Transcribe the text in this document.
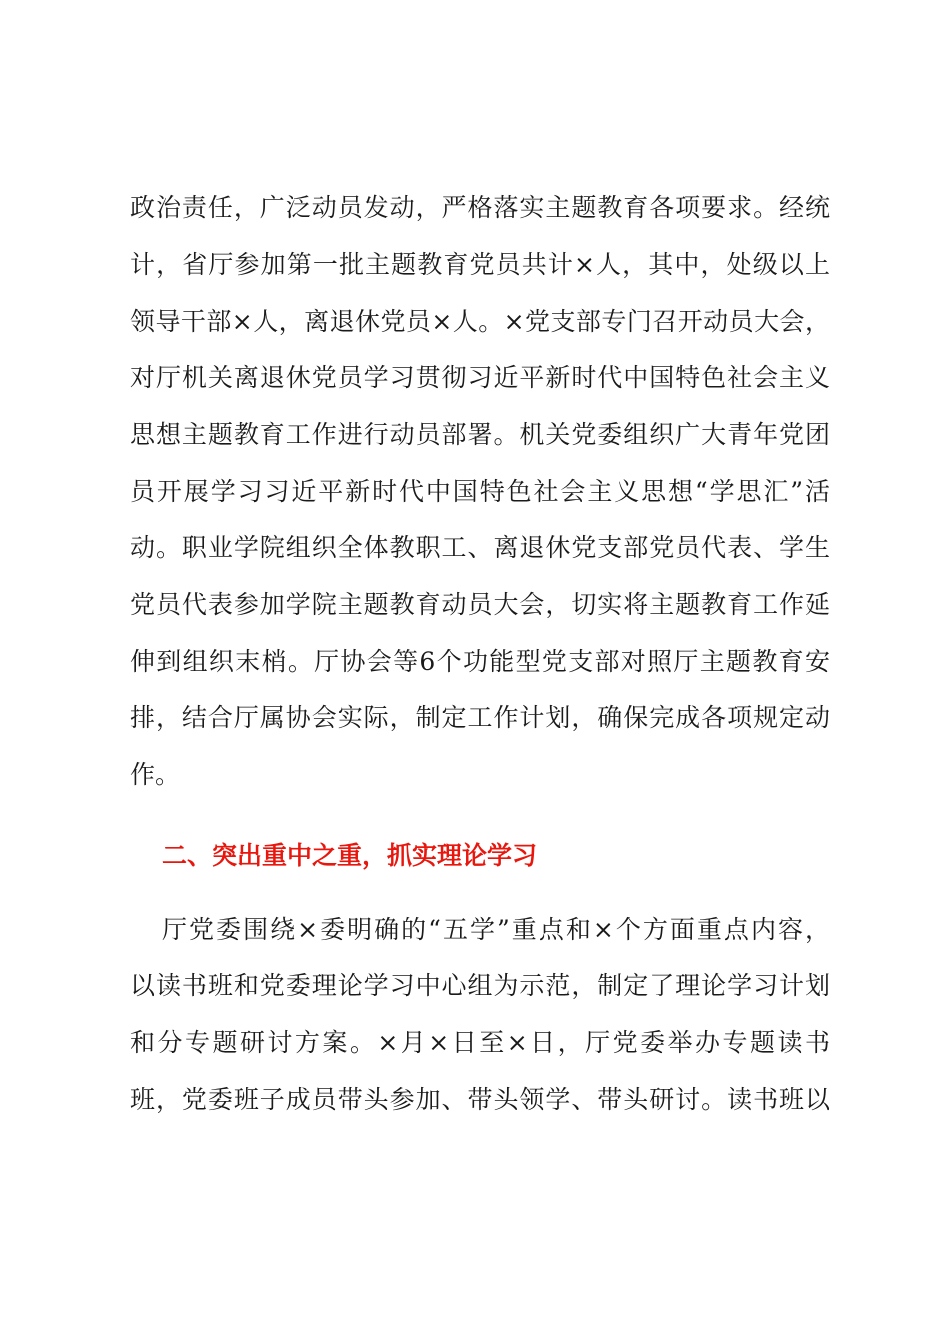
政治责任，广泛动员发动，严格落实主题教育各项要求。经统
计，省厅参加第一批主题教育党员共计×人，其中，处级以上
领导干部×人，离退休党员×人。×党支部专门召开动员大会，
对厅机关离退休党员学习贯彻习近平新时代中国特色社会主义
思想主题教育工作进行动员部署。机关党委组织广大青年党团
员开展学习习近平新时代中国特色社会主义思想“学思汇”活
动。职业学院组织全体教职工、离退休党支部党员代表、学生
党员代表参加学院主题教育动员大会，切实将主题教育工作延
伸到组织末梢。厅协会等6个功能型党支部对照厅主题教育安
排，结合厅属协会实际，制定工作计划，确保完成各项规定动
作。
二、突出重中之重，抓实理论学习
厅党委围绕×委明确的“五学”重点和×个方面重点内容，
以读书班和党委理论学习中心组为示范，制定了理论学习计划
和分专题研讨方案。×月×日至×日，厅党委举办专题读书
班，党委班子成员带头参加、带头领学、带头研讨。读书班以
